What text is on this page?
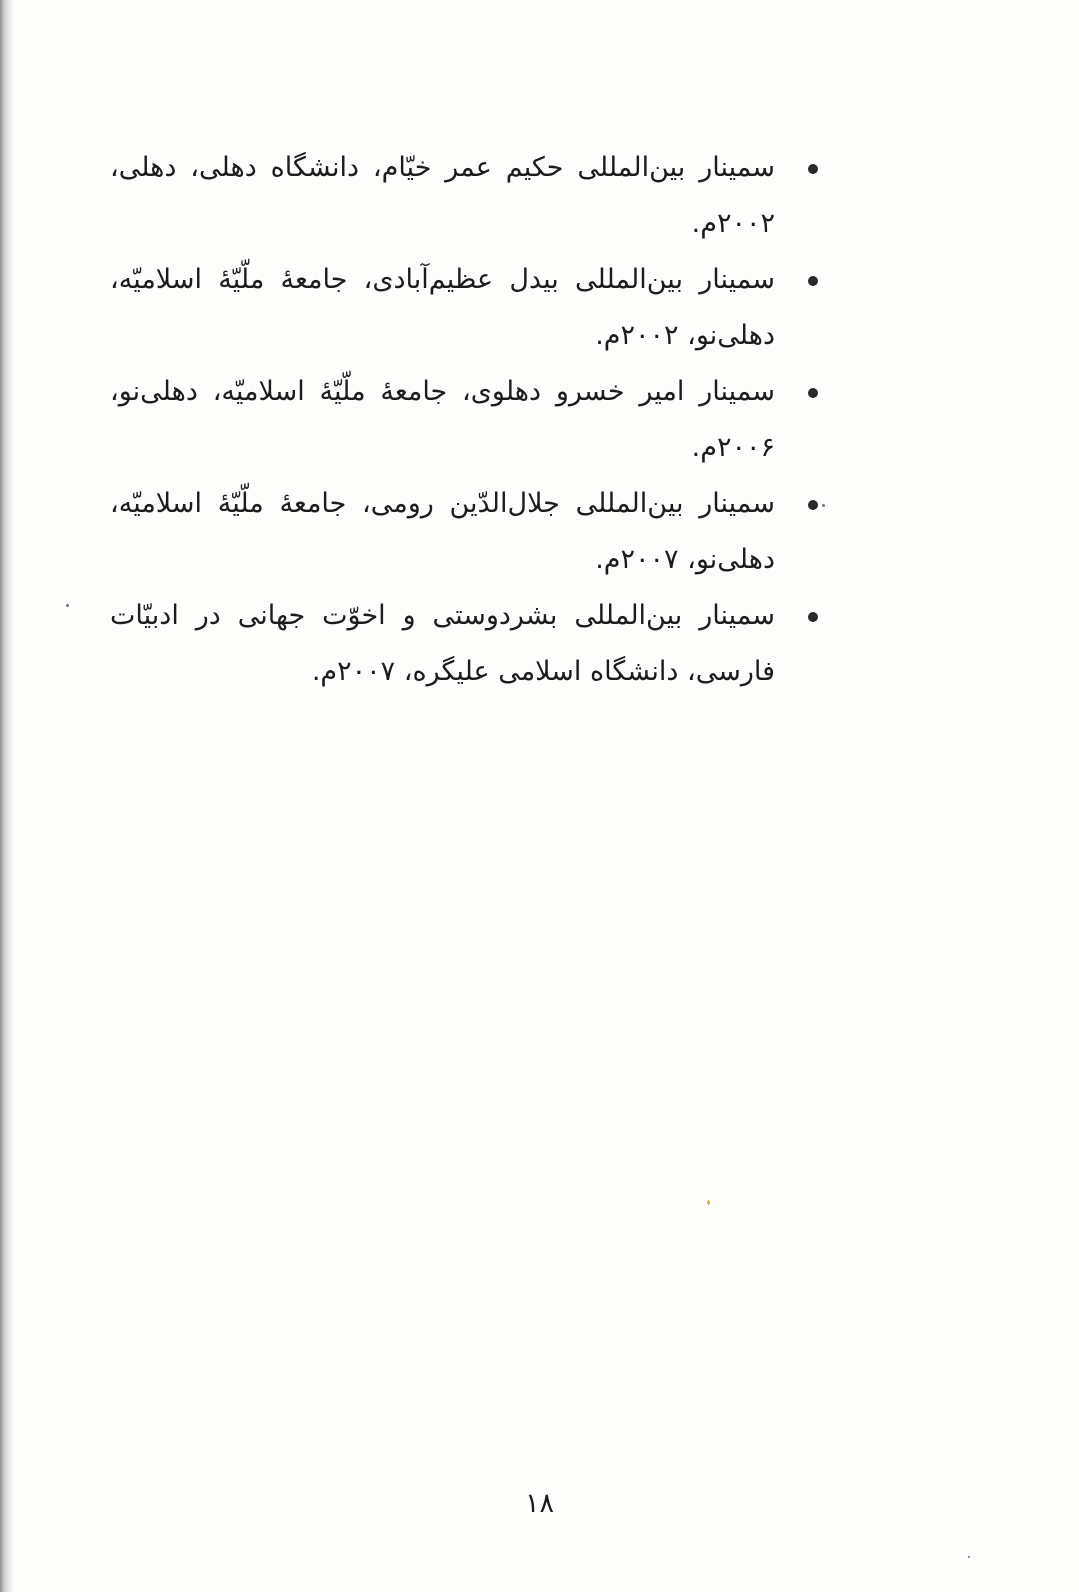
سمینار بین‌المللی حکیم عمر خیّام، دانشگاه دهلی، دهلی، ۲۰۰۲م.
سمینار بین‌المللی بیدل عظیم‌آبادی، جامعهٔ ملّیّهٔ اسلامیّه، دهلی‌نو، ۲۰۰۲م.
سمینار امیر خسرو دهلوی، جامعهٔ ملّیّهٔ اسلامیّه، دهلی‌نو، ۲۰۰۶م.
سمینار بین‌المللی جلال‌الدّین رومی، جامعهٔ ملّیّهٔ اسلامیّه، دهلی‌نو، ۲۰۰۷م.
سمینار بین‌المللی بشردوستی و اخوّت جهانی در ادبیّات فارسی، دانشگاه اسلامی علیگره، ۲۰۰۷م.
۱۸
